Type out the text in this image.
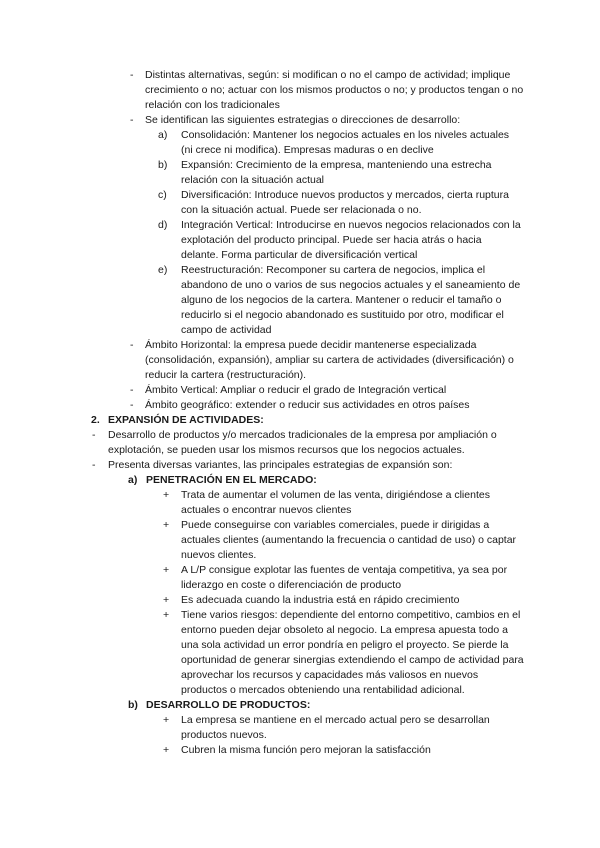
- Distintas alternativas, según: si modifican o no el campo de actividad; implique crecimiento o no; actuar con los mismos productos o no; y productos tengan o no relación con los tradicionales
- Se identifican las siguientes estrategias o direcciones de desarrollo:
a)	Consolidación: Mantener los negocios actuales en los niveles actuales (ni crece ni modifica). Empresas maduras o en declive
b)	Expansión: Crecimiento de la empresa, manteniendo una estrecha relación con la situación actual
c)	Diversificación: Introduce nuevos productos y mercados, cierta ruptura con la situación actual. Puede ser relacionada o no.
d)	Integración Vertical: Introducirse en nuevos negocios relacionados con la explotación del producto principal. Puede ser hacia atrás o hacia delante. Forma particular de diversificación vertical
e)	Reestructuración: Recomponer su cartera de negocios, implica el abandono de uno o varios de sus negocios actuales y el saneamiento de alguno de los negocios de la cartera. Mantener o reducir el tamaño o reducirlo si el negocio abandonado es sustituido por otro, modificar el campo de actividad
- Ámbito Horizontal: la empresa puede decidir mantenerse especializada (consolidación, expansión), ampliar su cartera de actividades (diversificación) o reducir la cartera (restructuración).
- Ámbito Vertical: Ampliar o reducir el grado de Integración vertical
- Ámbito geográfico: extender o reducir sus actividades en otros países
2. EXPANSIÓN DE ACTIVIDADES:
- Desarrollo de productos y/o mercados tradicionales de la empresa por ampliación o explotación, se pueden usar los mismos recursos que los negocios actuales.
- Presenta diversas variantes, las principales estrategias de expansión son:
a) PENETRACIÓN EN EL MERCADO:
+ Trata de aumentar el volumen de las venta, dirigiéndose a clientes actuales o encontrar nuevos clientes
+ Puede conseguirse con variables comerciales, puede ir dirigidas a actuales clientes (aumentando la frecuencia o cantidad de uso) o captar nuevos clientes.
+ A L/P consigue explotar las fuentes de ventaja competitiva, ya sea por liderazgo en coste o diferenciación de producto
+ Es adecuada cuando la industria está en rápido crecimiento
+ Tiene varios riesgos: dependiente del entorno competitivo, cambios en el entorno pueden dejar obsoleto al negocio. La empresa apuesta todo a una sola actividad un error pondría en peligro el proyecto. Se pierde la oportunidad de generar sinergias extendiendo el campo de actividad para aprovechar los recursos y capacidades más valiosos en nuevos productos o mercados obteniendo una rentabilidad adicional.
b) DESARROLLO DE PRODUCTOS:
+ La empresa se mantiene en el mercado actual pero se desarrollan productos nuevos.
+ Cubren la misma función pero mejoran la satisfacción
